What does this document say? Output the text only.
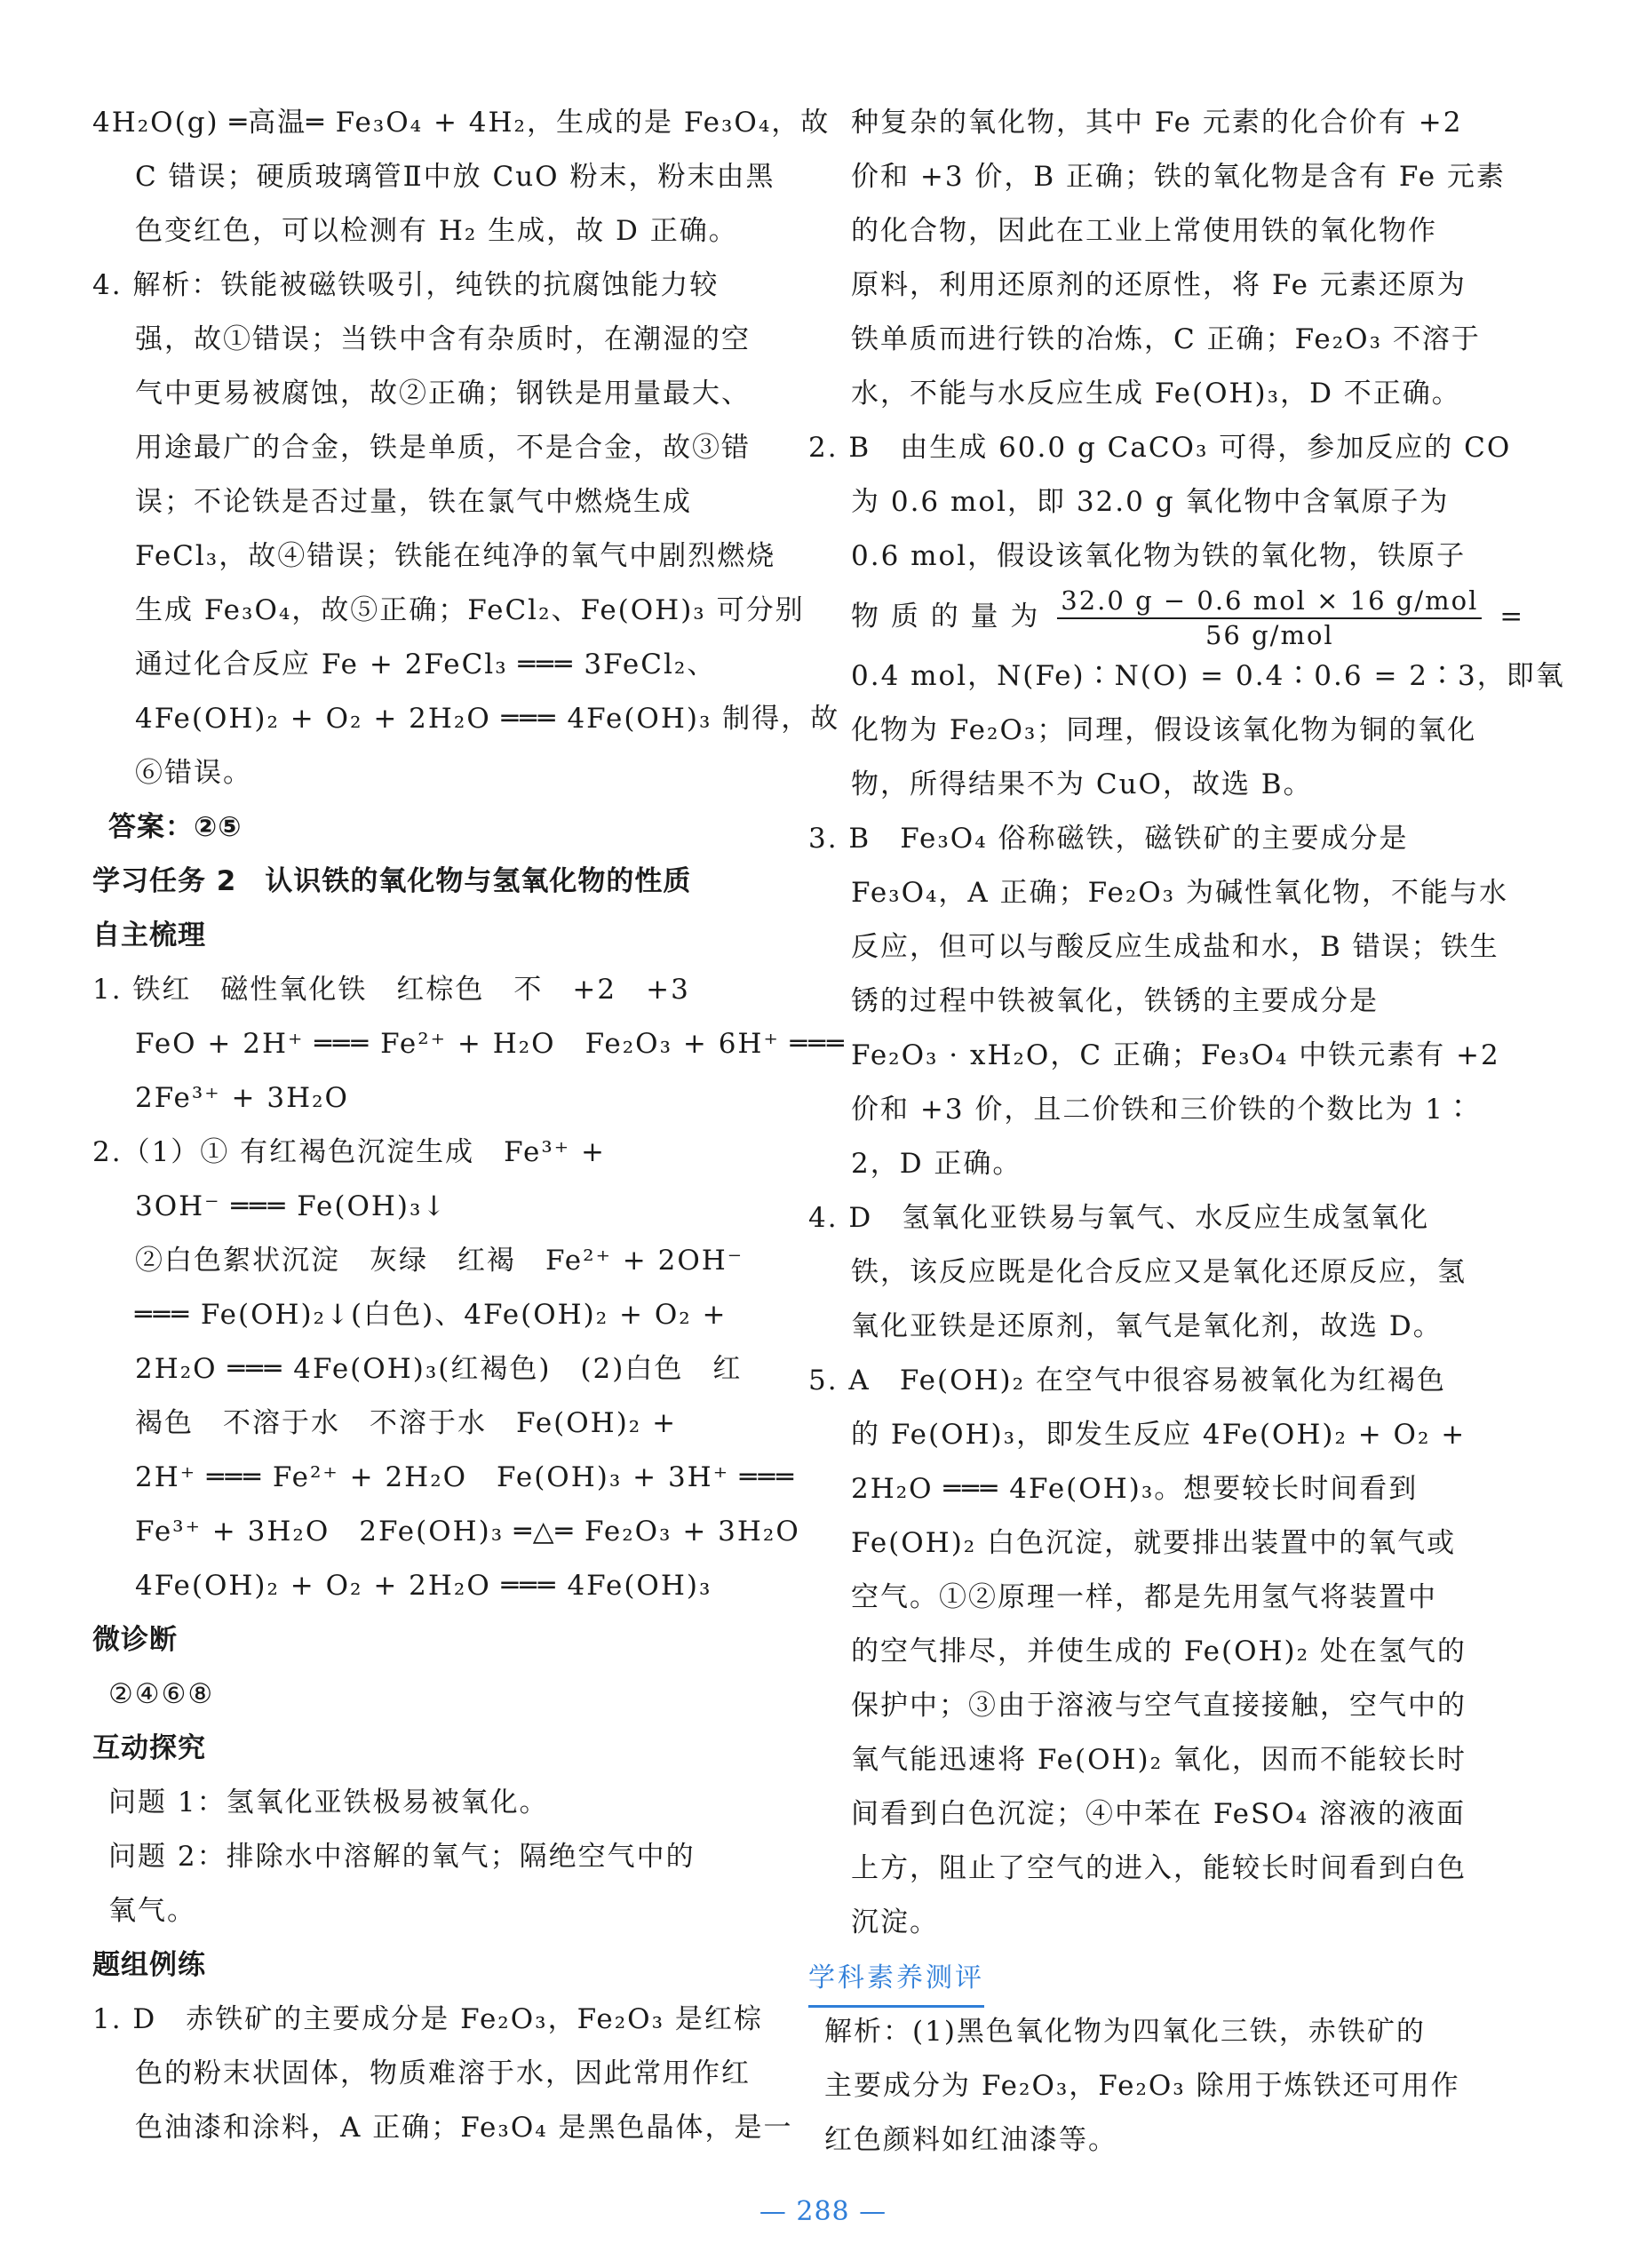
4H₂O(g) ═高温═ Fe₃O₄ + 4H₂，生成的是 Fe₃O₄，故
C 错误；硬质玻璃管Ⅱ中放 CuO 粉末，粉末由黑
色变红色，可以检测有 H₂ 生成，故 D 正确。
4. 解析：铁能被磁铁吸引，纯铁的抗腐蚀能力较
强，故①错误；当铁中含有杂质时，在潮湿的空
气中更易被腐蚀，故②正确；钢铁是用量最大、
用途最广的合金，铁是单质，不是合金，故③错
误；不论铁是否过量，铁在氯气中燃烧生成
FeCl₃，故④错误；铁能在纯净的氧气中剧烈燃烧
生成 Fe₃O₄，故⑤正确；FeCl₂、Fe(OH)₃ 可分别
通过化合反应 Fe + 2FeCl₃ ═══ 3FeCl₂、
4Fe(OH)₂ + O₂ + 2H₂O ═══ 4Fe(OH)₃ 制得，故
⑥错误。
答案：②⑤
学习任务 2　认识铁的氧化物与氢氧化物的性质
自主梳理
1. 铁红　磁性氧化铁　红棕色　不　+2　+3
FeO + 2H⁺ ═══ Fe²⁺ + H₂O　Fe₂O₃ + 6H⁺ ═══
2Fe³⁺ + 3H₂O
2.（1）① 有红褐色沉淀生成　Fe³⁺ +
3OH⁻ ═══ Fe(OH)₃↓
②白色絮状沉淀　灰绿　红褐　Fe²⁺ + 2OH⁻
═══ Fe(OH)₂↓(白色)、4Fe(OH)₂ + O₂ +
2H₂O ═══ 4Fe(OH)₃(红褐色)　(2)白色　红
褐色　不溶于水　不溶于水　Fe(OH)₂ +
2H⁺ ═══ Fe²⁺ + 2H₂O　Fe(OH)₃ + 3H⁺ ═══
Fe³⁺ + 3H₂O　2Fe(OH)₃ ═△═ Fe₂O₃ + 3H₂O
4Fe(OH)₂ + O₂ + 2H₂O ═══ 4Fe(OH)₃
微诊断
②④⑥⑧
互动探究
问题 1：氢氧化亚铁极易被氧化。
问题 2：排除水中溶解的氧气；隔绝空气中的
氧气。
题组例练
1. D　赤铁矿的主要成分是 Fe₂O₃，Fe₂O₃ 是红棕
色的粉末状固体，物质难溶于水，因此常用作红
色油漆和涂料，A 正确；Fe₃O₄ 是黑色晶体，是一
种复杂的氧化物，其中 Fe 元素的化合价有 +2
价和 +3 价，B 正确；铁的氧化物是含有 Fe 元素
的化合物，因此在工业上常使用铁的氧化物作
原料，利用还原剂的还原性，将 Fe 元素还原为
铁单质而进行铁的冶炼，C 正确；Fe₂O₃ 不溶于
水，不能与水反应生成 Fe(OH)₃，D 不正确。
2. B　由生成 60.0 g CaCO₃ 可得，参加反应的 CO
为 0.6 mol，即 32.0 g 氧化物中含氧原子为
0.6 mol，假设该氧化物为铁的氧化物，铁原子
物 质 的 量 为 $\frac{\text{32.0 g − 0.6 mol × 16 g/mol}}{\text{56 g/mol}}$ =
0.4 mol，N(Fe)∶N(O) = 0.4∶0.6 = 2∶3，即氧
化物为 Fe₂O₃；同理，假设该氧化物为铜的氧化
物，所得结果不为 CuO，故选 B。
3. B　Fe₃O₄ 俗称磁铁，磁铁矿的主要成分是
Fe₃O₄，A 正确；Fe₂O₃ 为碱性氧化物，不能与水
反应，但可以与酸反应生成盐和水，B 错误；铁生
锈的过程中铁被氧化，铁锈的主要成分是
Fe₂O₃ · xH₂O，C 正确；Fe₃O₄ 中铁元素有 +2
价和 +3 价，且二价铁和三价铁的个数比为 1∶
2，D 正确。
4. D　氢氧化亚铁易与氧气、水反应生成氢氧化
铁，该反应既是化合反应又是氧化还原反应，氢
氧化亚铁是还原剂，氧气是氧化剂，故选 D。
5. A　Fe(OH)₂ 在空气中很容易被氧化为红褐色
的 Fe(OH)₃，即发生反应 4Fe(OH)₂ + O₂ +
2H₂O ═══ 4Fe(OH)₃。想要较长时间看到
Fe(OH)₂ 白色沉淀，就要排出装置中的氧气或
空气。①②原理一样，都是先用氢气将装置中
的空气排尽，并使生成的 Fe(OH)₂ 处在氢气的
保护中；③由于溶液与空气直接接触，空气中的
氧气能迅速将 Fe(OH)₂ 氧化，因而不能较长时
间看到白色沉淀；④中苯在 FeSO₄ 溶液的液面
上方，阻止了空气的进入，能较长时间看到白色
沉淀。
学科素养测评
解析：(1)黑色氧化物为四氧化三铁，赤铁矿的
主要成分为 Fe₂O₃，Fe₂O₃ 除用于炼铁还可用作
红色颜料如红油漆等。
— 288 —
